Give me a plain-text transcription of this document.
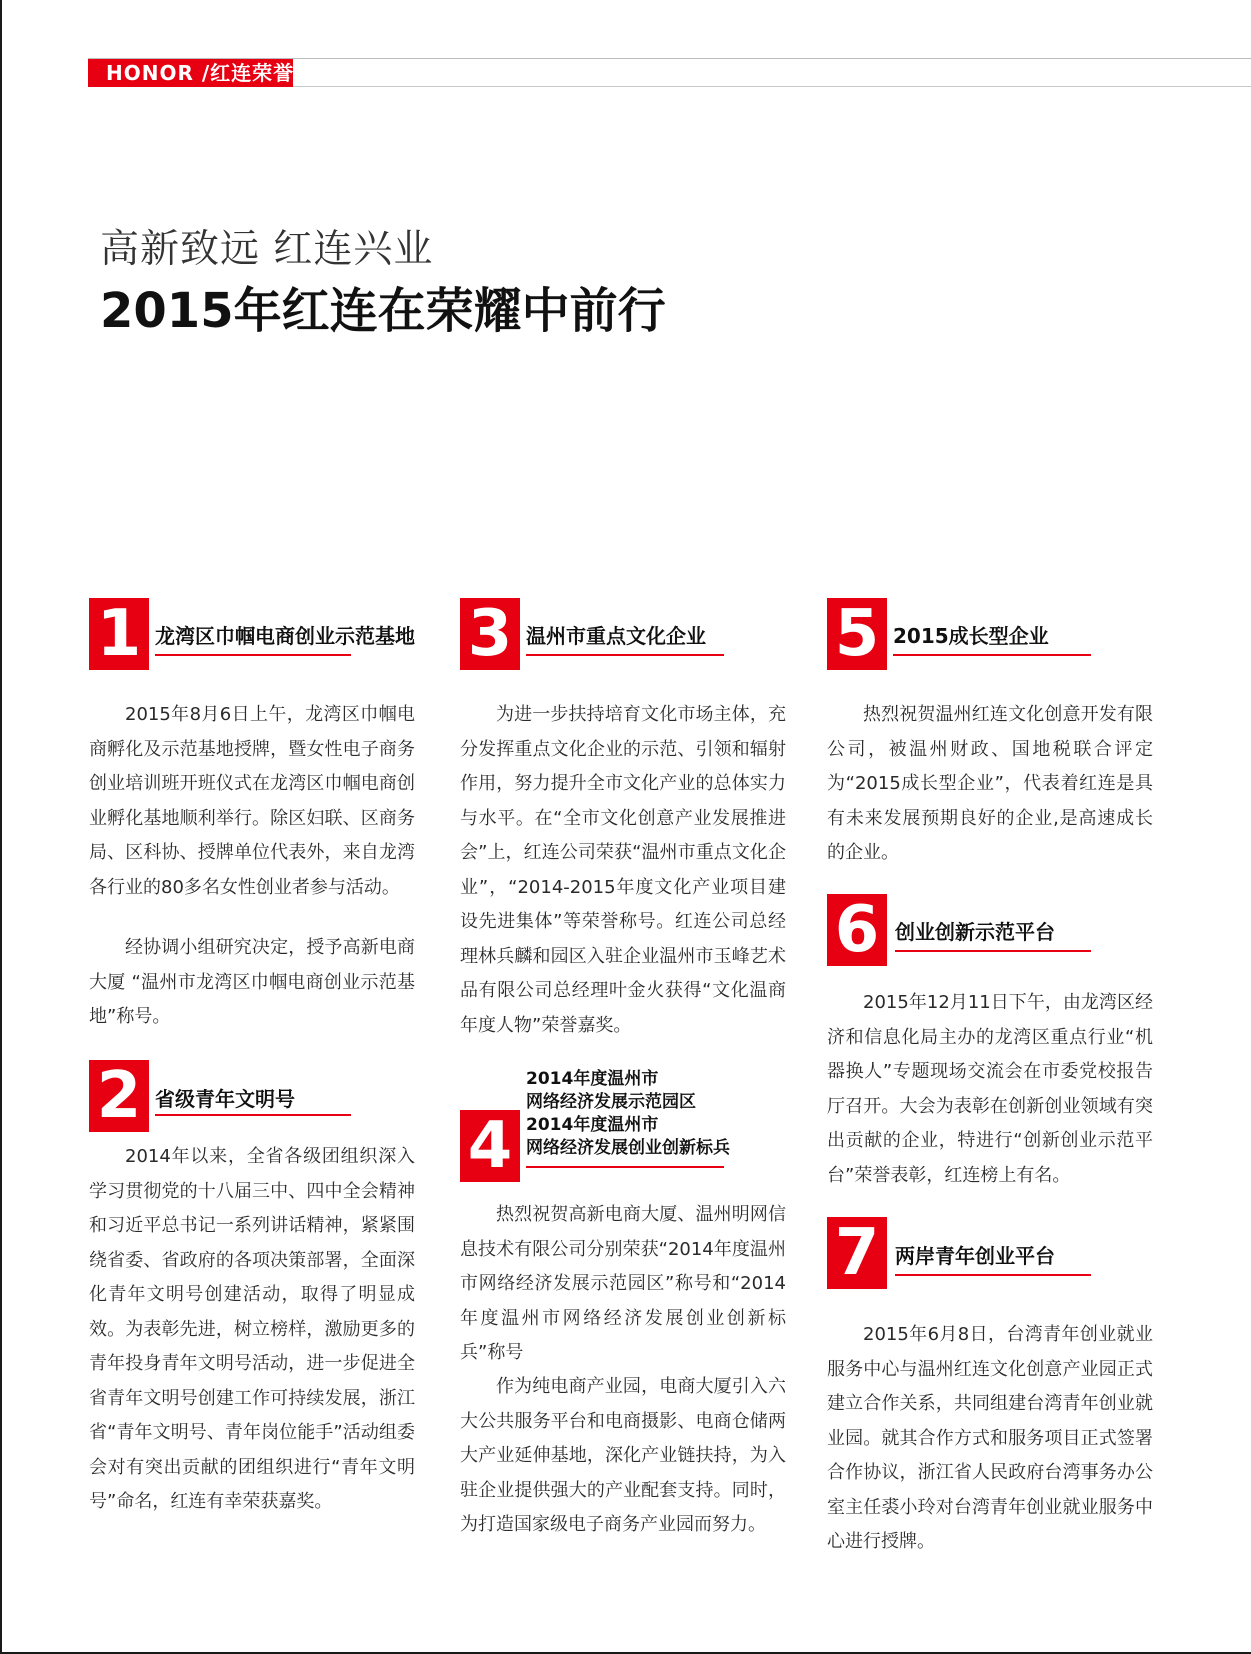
HONOR /红连荣誉
高新致远 红连兴业
2015年红连在荣耀中前行
1 龙湾区巾帼电商创业示范基地

2015年8月6日上午，龙湾区巾帼电商孵化及示范基地授牌，暨女性电子商务创业培训班开班仪式在龙湾区巾帼电商创业孵化基地顺利举行。除区妇联、区商务局、区科协、授牌单位代表外，来自龙湾各行业的80多名女性创业者参与活动。

经协调小组研究决定，授予高新电商大厦 “温州市龙湾区巾帼电商创业示范基地”称号。

2 省级青年文明号

2014年以来，全省各级团组织深入学习贯彻党的十八届三中、四中全会精神和习近平总书记一系列讲话精神，紧紧围绕省委、省政府的各项决策部署，全面深化青年文明号创建活动，取得了明显成效。为表彰先进，树立榜样，激励更多的青年投身青年文明号活动，进一步促进全省青年文明号创建工作可持续发展，浙江省“青年文明号、青年岗位能手”活动组委会对有突出贡献的团组织进行“青年文明号”命名，红连有幸荣获嘉奖。

3 温州市重点文化企业

为进一步扶持培育文化市场主体，充分发挥重点文化企业的示范、引领和辐射作用，努力提升全市文化产业的总体实力与水平。在“全市文化创意产业发展推进会”上，红连公司荣获“温州市重点文化企业”，“2014-2015年度文化产业项目建设先进集体”等荣誉称号。红连公司总经理林兵麟和园区入驻企业温州市玉峰艺术品有限公司总经理叶金火获得“文化温商年度人物”荣誉嘉奖。

4
2014年度温州市
网络经济发展示范园区
2014年度温州市
网络经济发展创业创新标兵

热烈祝贺高新电商大厦、温州明网信息技术有限公司分别荣获“2014年度温州市网络经济发展示范园区”称号和“2014年度温州市网络经济发展创业创新标兵”称号

作为纯电商产业园，电商大厦引入六大公共服务平台和电商摄影、电商仓储两大产业延伸基地，深化产业链扶持，为入驻企业提供强大的产业配套支持。同时，为打造国家级电子商务产业园而努力。

5 2015成长型企业

热烈祝贺温州红连文化创意开发有限公司，被温州财政、国地税联合评定为“2015成长型企业”，代表着红连是具有未来发展预期良好的企业,是高速成长的企业。

6 创业创新示范平台

2015年12月11日下午，由龙湾区经济和信息化局主办的龙湾区重点行业“机器换人”专题现场交流会在市委党校报告厅召开。大会为表彰在创新创业领域有突出贡献的企业，特进行“创新创业示范平台”荣誉表彰，红连榜上有名。

7 两岸青年创业平台

2015年6月8日，台湾青年创业就业服务中心与温州红连文化创意产业园正式建立合作关系，共同组建台湾青年创业就业园。就其合作方式和服务项目正式签署合作协议，浙江省人民政府台湾事务办公室主任裘小玲对台湾青年创业就业服务中心进行授牌。
